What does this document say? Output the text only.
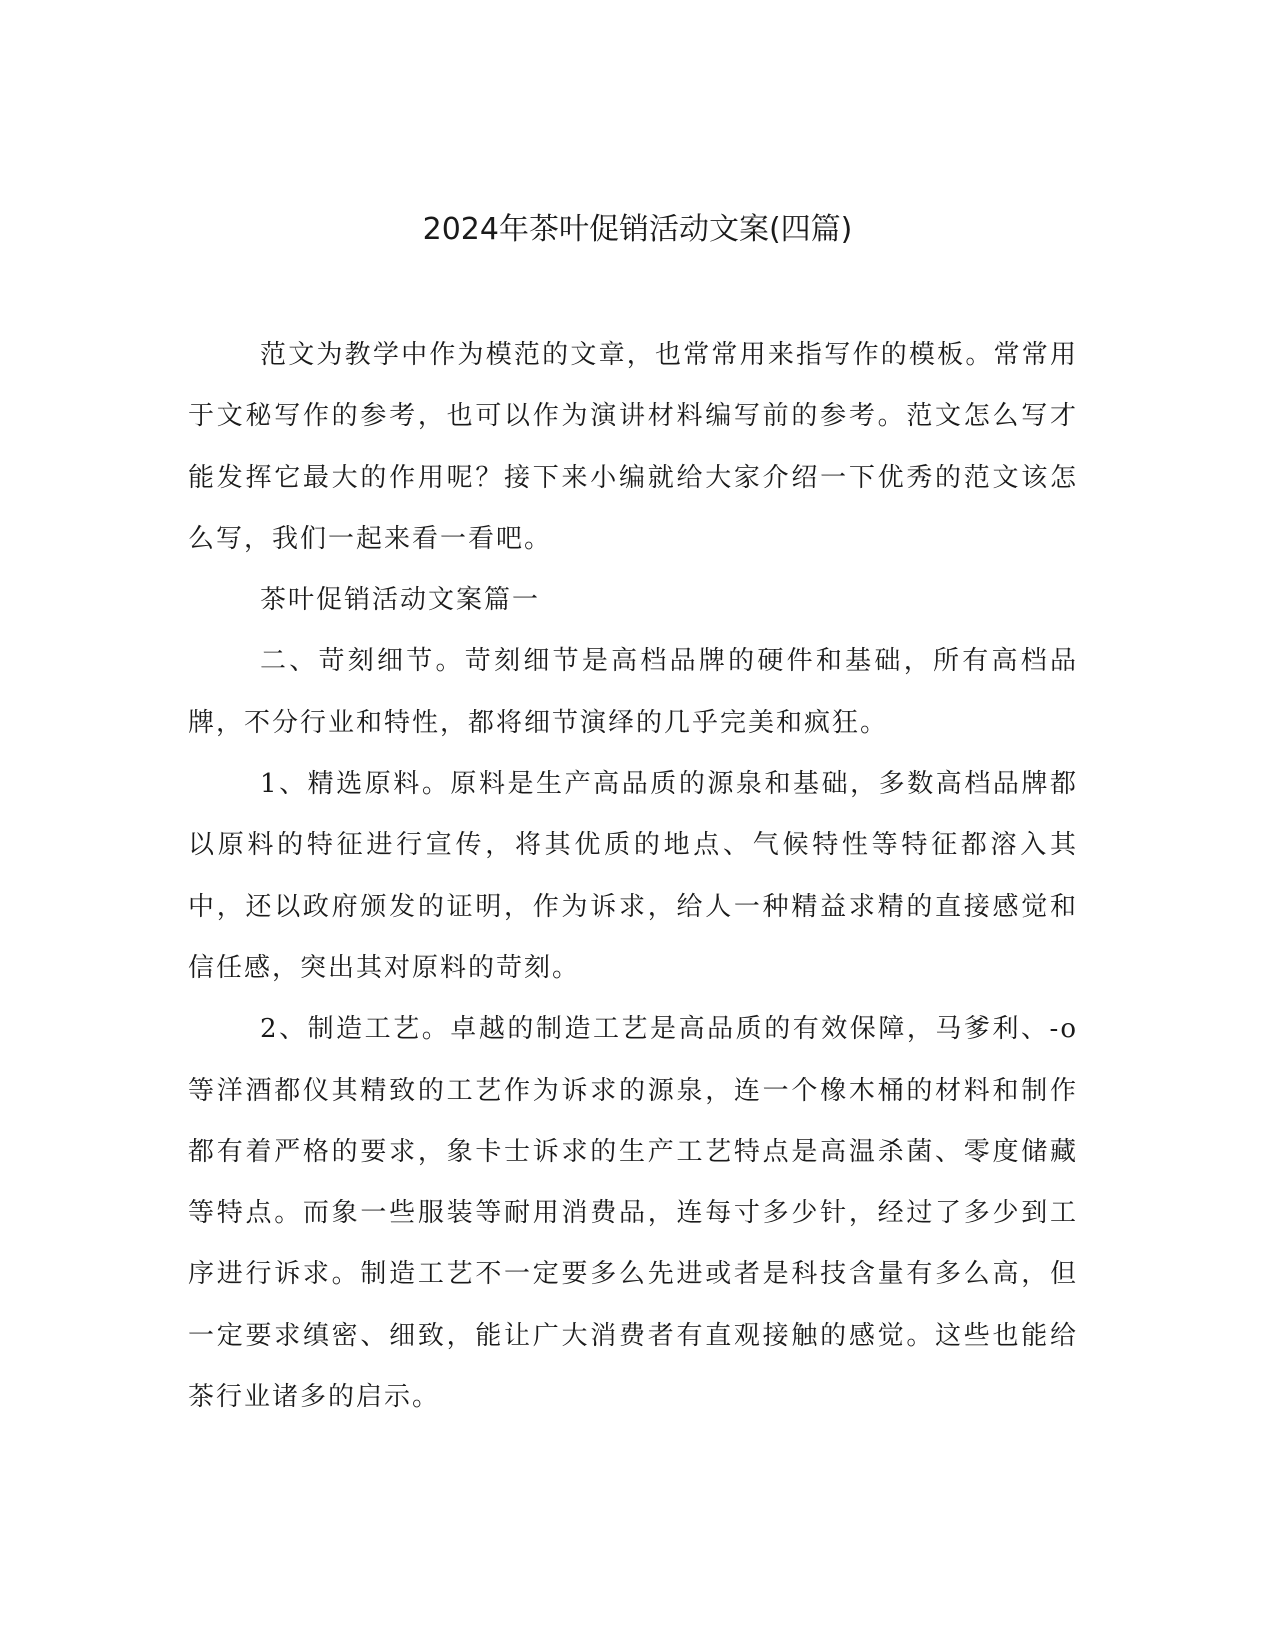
2024年茶叶促销活动文案(四篇)

范文为教学中作为模范的文章，也常常用来指写作的模板。常常用于文秘写作的参考，也可以作为演讲材料编写前的参考。范文怎么写才能发挥它最大的作用呢？接下来小编就给大家介绍一下优秀的范文该怎么写，我们一起来看一看吧。

茶叶促销活动文案篇一

二、苛刻细节。苛刻细节是高档品牌的硬件和基础，所有高档品牌，不分行业和特性，都将细节演绎的几乎完美和疯狂。

1、精选原料。原料是生产高品质的源泉和基础，多数高档品牌都以原料的特征进行宣传，将其优质的地点、气候特性等特征都溶入其中，还以政府颁发的证明，作为诉求，给人一种精益求精的直接感觉和信任感，突出其对原料的苛刻。

2、制造工艺。卓越的制造工艺是高品质的有效保障，马爹利、-o等洋酒都仪其精致的工艺作为诉求的源泉，连一个橡木桶的材料和制作都有着严格的要求，象卡士诉求的生产工艺特点是高温杀菌、零度储藏等特点。而象一些服装等耐用消费品，连每寸多少针，经过了多少到工序进行诉求。制造工艺不一定要多么先进或者是科技含量有多么高，但一定要求缜密、细致，能让广大消费者有直观接触的感觉。这些也能给茶行业诸多的启示。
